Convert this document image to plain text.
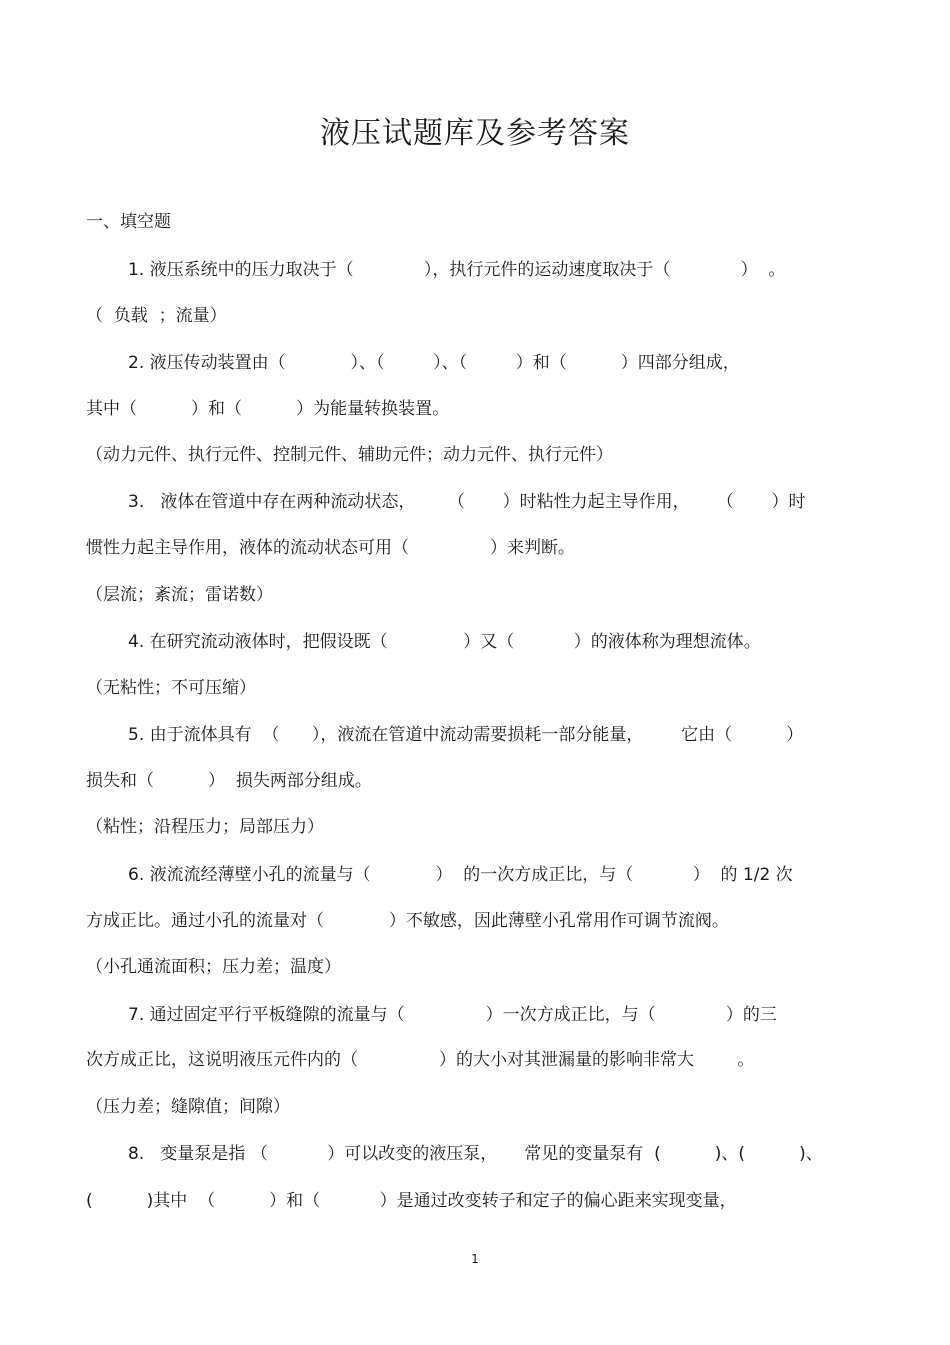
液压试题库及参考答案
一、填空题
1. 液压系统中的压力取决于（             ），执行元件的运动速度取决于（             ）  。
（  负载  ；流量）
2. 液压传动装置由（            ）、（         ）、（         ）和（          ）四部分组成，
其中（          ）和（          ）为能量转换装置。
（动力元件、执行元件、控制元件、辅助元件；动力元件、执行元件）
3.   液体在管道中存在两种流动状态，      （       ）时粘性力起主导作用，     （       ）时
惯性力起主导作用，液体的流动状态可用（               ）来判断。
（层流；紊流；雷诺数）
4. 在研究流动液体时，把假设既（              ）又（           ）的液体称为理想流体。
（无粘性；不可压缩）
5. 由于流体具有  （      ），液流在管道中流动需要损耗一部分能量，       它由（          ）
损失和（          ）  损失两部分组成。
（粘性；沿程压力；局部压力）
6. 液流流经薄壁小孔的流量与（            ）  的一次方成正比，与（           ）  的 1/2 次
方成正比。通过小孔的流量对（            ）不敏感，因此薄壁小孔常用作可调节流阀。
（小孔通流面积；压力差；温度）
7. 通过固定平行平板缝隙的流量与（               ）一次方成正比，与（             ）的三
次方成正比，这说明液压元件内的（               ）的大小对其泄漏量的影响非常大        。
（压力差；缝隙值；间隙）
8.   变量泵是指 （           ）可以改变的液压泵，     常见的变量泵有  (          )、(          )、
(          )其中  （          ）和（           ）是通过改变转子和定子的偏心距来实现变量，
1
